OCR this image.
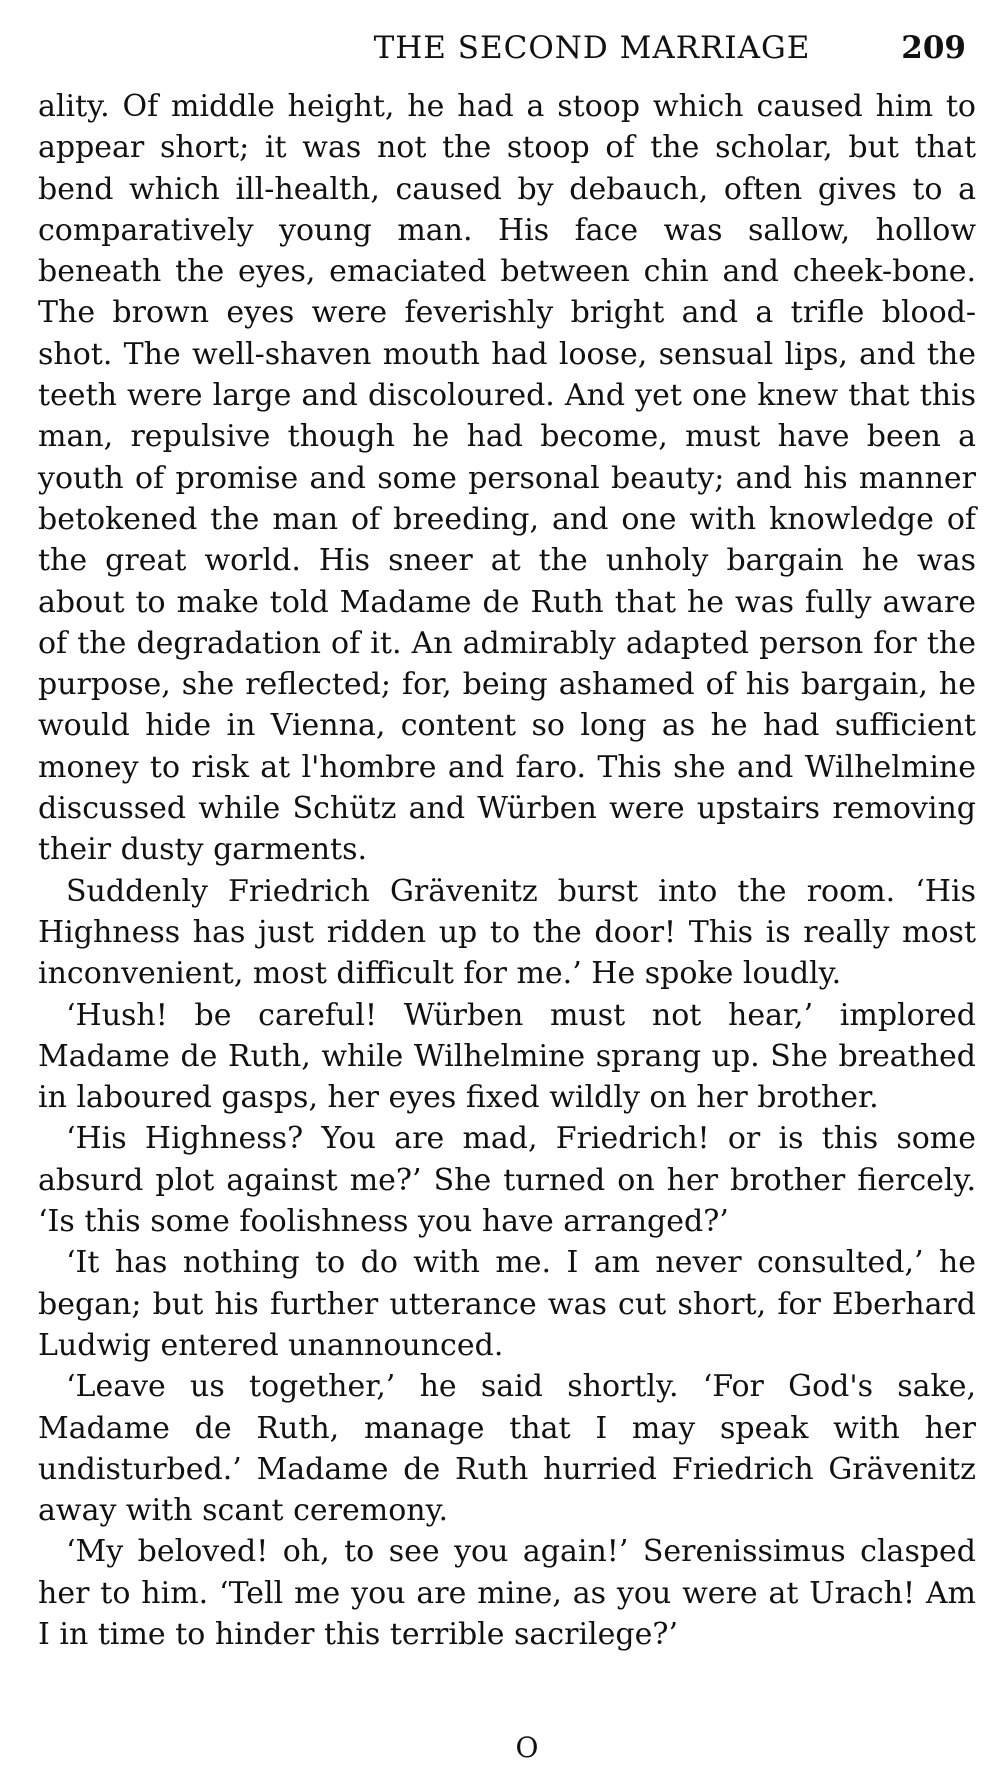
THE SECOND MARRIAGE	209

ality. Of middle height, he had a stoop which caused him to appear short; it was not the stoop of the scholar, but that bend which ill-health, caused by debauch, often gives to a comparatively young man. His face was sallow, hollow beneath the eyes, emaciated between chin and cheek-bone. The brown eyes were feverishly bright and a trifle blood-shot. The well-shaven mouth had loose, sensual lips, and the teeth were large and discoloured. And yet one knew that this man, repulsive though he had become, must have been a youth of promise and some personal beauty; and his manner betokened the man of breeding, and one with knowledge of the great world. His sneer at the unholy bargain he was about to make told Madame de Ruth that he was fully aware of the degradation of it. An admirably adapted person for the purpose, she reflected; for, being ashamed of his bargain, he would hide in Vienna, content so long as he had sufficient money to risk at l'hombre and faro. This she and Wilhelmine discussed while Schütz and Würben were upstairs removing their dusty garments.

Suddenly Friedrich Grävenitz burst into the room. ‘His Highness has just ridden up to the door! This is really most inconvenient, most difficult for me.’ He spoke loudly.

‘Hush! be careful! Würben must not hear,’ implored Madame de Ruth, while Wilhelmine sprang up. She breathed in laboured gasps, her eyes fixed wildly on her brother.

‘His Highness? You are mad, Friedrich! or is this some absurd plot against me?’ She turned on her brother fiercely. ‘Is this some foolishness you have arranged?’

‘It has nothing to do with me. I am never consulted,’ he began; but his further utterance was cut short, for Eberhard Ludwig entered unannounced.

‘Leave us together,’ he said shortly. ‘For God's sake, Madame de Ruth, manage that I may speak with her undisturbed.’ Madame de Ruth hurried Friedrich Grävenitz away with scant ceremony.

‘My beloved! oh, to see you again!’ Serenissimus clasped her to him. ‘Tell me you are mine, as you were at Urach! Am I in time to hinder this terrible sacrilege?’

O
